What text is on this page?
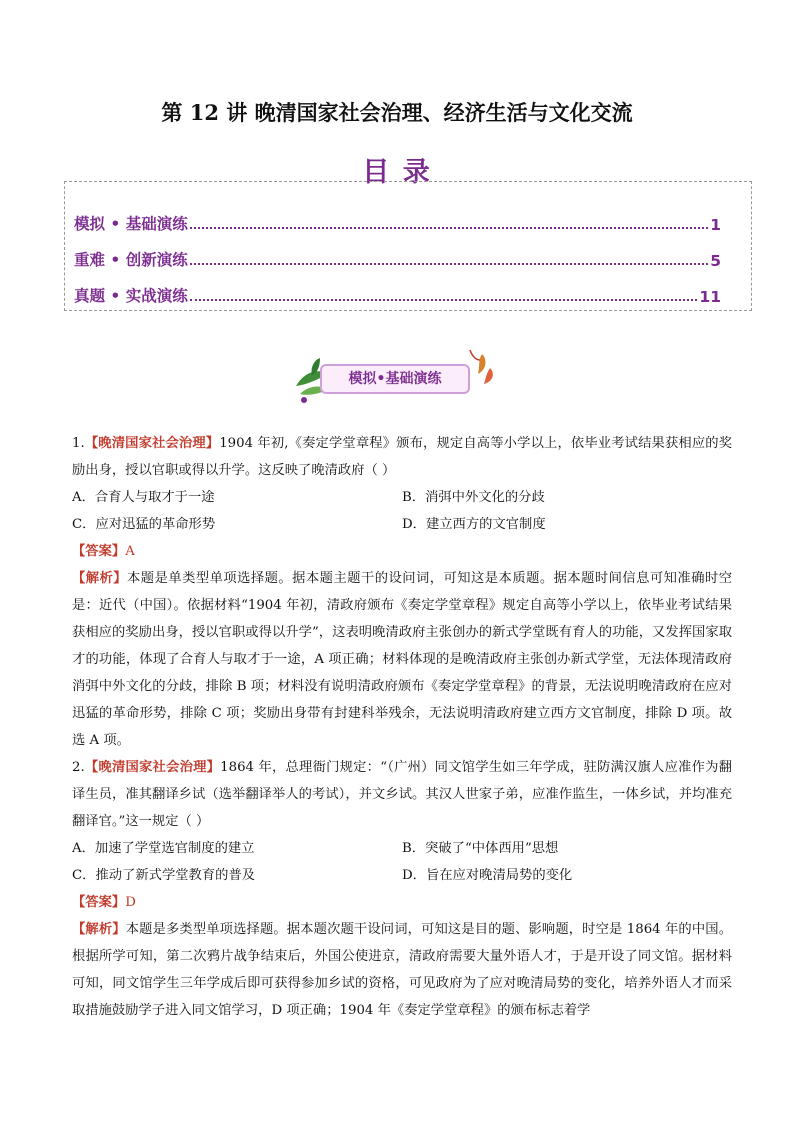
第 12 讲 晚清国家社会治理、经济生活与文化交流
目 录
模拟 • 基础演练	1
重难 • 创新演练	5
真题 • 实战演练	11
模拟•基础演练

1.【晚清国家社会治理】1904 年初,《奏定学堂章程》颁布，规定自高等小学以上，依毕业考试结果获相应的奖励出身，授以官职或得以升学。这反映了晚清政府（ ）

A．合育人与取才于一途	B．消弭中外文化的分歧
C．应对迅猛的革命形势	D．建立西方的文官制度

【答案】A

【解析】本题是单类型单项选择题。据本题主题干的设问词，可知这是本质题。据本题时间信息可知准确时空是：近代（中国）。依据材料“1904 年初，清政府颁布《奏定学堂章程》规定自高等小学以上，依毕业考试结果获相应的奖励出身，授以官职或得以升学”，这表明晚清政府主张创办的新式学堂既有育人的功能，又发挥国家取才的功能，体现了合育人与取才于一途，A 项正确；材料体现的是晚清政府主张创办新式学堂，无法体现清政府消弭中外文化的分歧，排除 B 项；材料没有说明清政府颁布《奏定学堂章程》的背景，无法说明晚清政府在应对迅猛的革命形势，排除 C 项；奖励出身带有封建科举残余，无法说明清政府建立西方文官制度，排除 D 项。故选 A 项。

2.【晚清国家社会治理】1864 年，总理衙门规定：“（广州）同文馆学生如三年学成，驻防满汉旗人应准作为翻译生员，准其翻译乡试（选举翻译举人的考试），并文乡试。其汉人世家子弟，应准作监生，一体乡试，并均准充翻译官。”这一规定（ ）

A．加速了学堂选官制度的建立	B．突破了“中体西用”思想
C．推动了新式学堂教育的普及	D．旨在应对晚清局势的变化

【答案】D

【解析】本题是多类型单项选择题。据本题次题干设问词，可知这是目的题、影响题，时空是 1864 年的中国。根据所学可知，第二次鸦片战争结束后，外国公使进京，清政府需要大量外语人才，于是开设了同文馆。据材料可知，同文馆学生三年学成后即可获得参加乡试的资格，可见政府为了应对晚清局势的变化，培养外语人才而采取措施鼓励学子进入同文馆学习，D 项正确；1904 年《奏定学堂章程》的颁布标志着学
